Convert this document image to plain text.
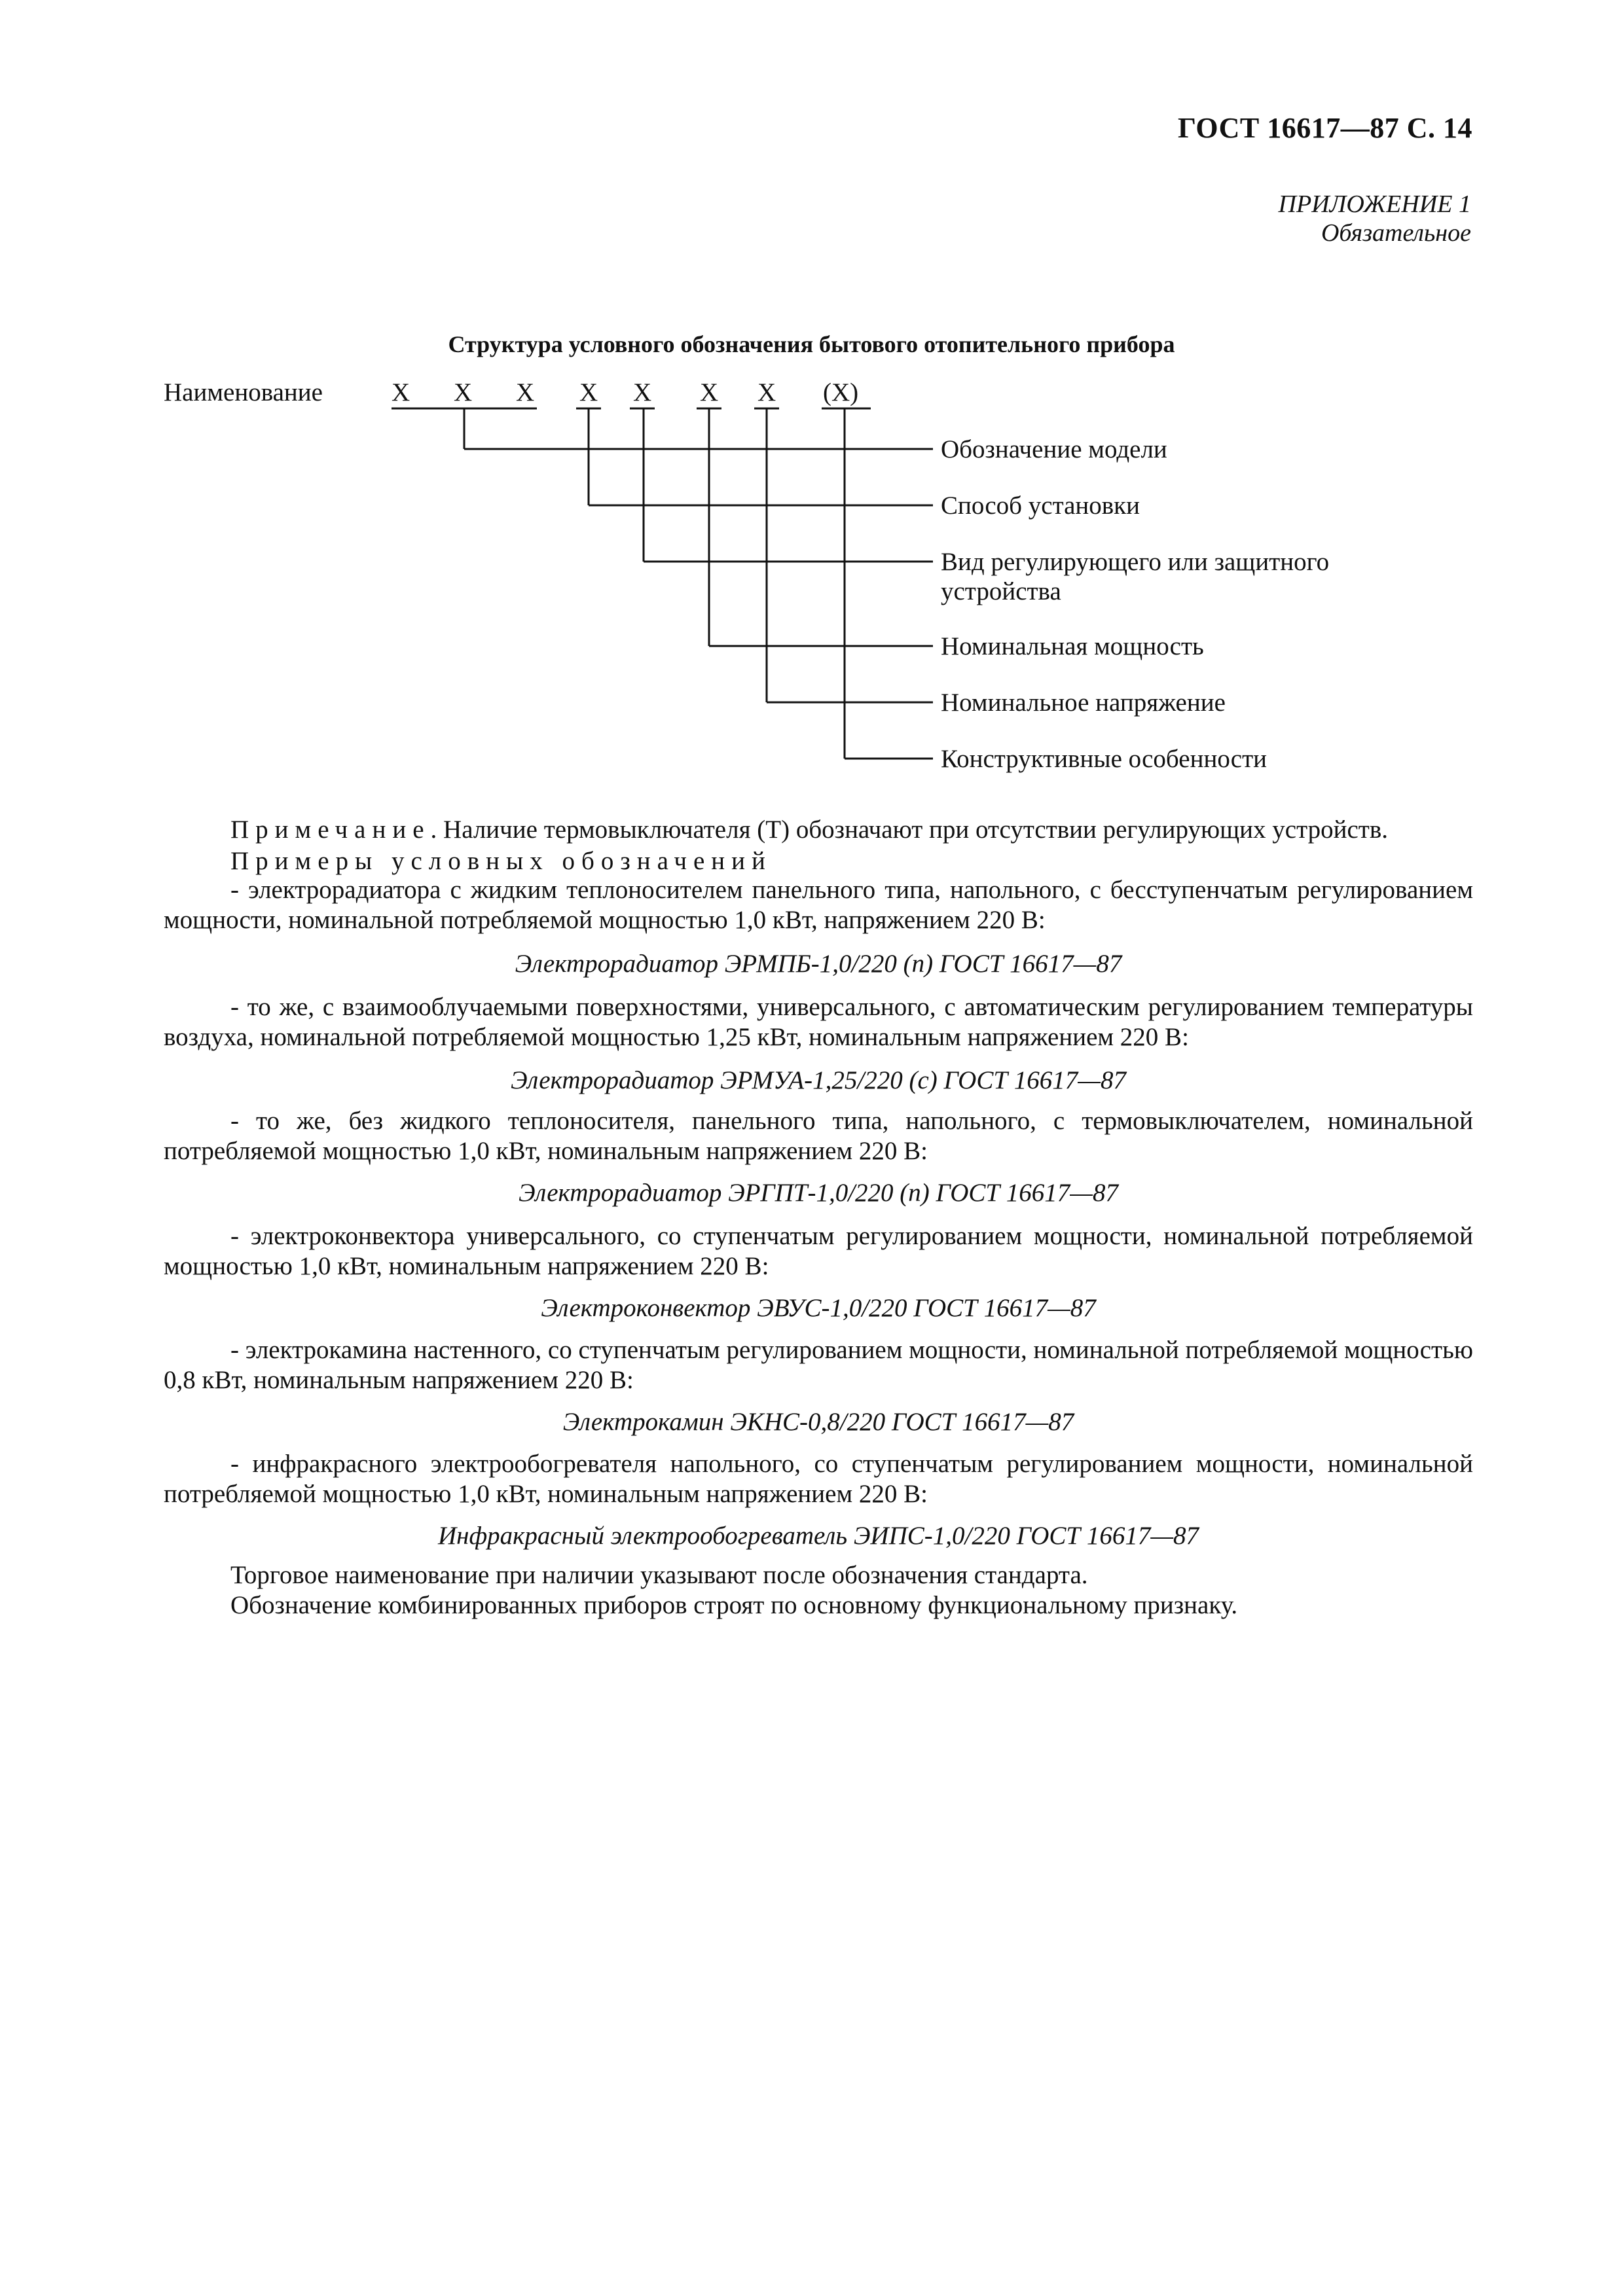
ГОСТ 16617—87 С. 14
ПРИЛОЖЕНИЕ 1
Обязательное
Структура условного обозначения бытового отопительного прибора
Наименование	X X X X X X X (X)
Обозначение модели
Способ установки
Вид регулирующего или защитного
устройства
Номинальная мощность
Номинальное напряжение
Конструктивные особенности
Примечание. Наличие термовыключателя (Т) обозначают при отсутствии регулирующих устройств.
Примеры условных обозначений
- электрорадиатора с жидким теплоносителем панельного типа, напольного, с бесступенчатым регулированием мощности, номинальной потребляемой мощностью 1,0 кВт, напряжением 220 В:
Электрорадиатор ЭРМПБ-1,0/220 (п) ГОСТ 16617—87
- то же, с взаимооблучаемыми поверхностями, универсального, с автоматическим регулированием температуры воздуха, номинальной потребляемой мощностью 1,25 кВт, номинальным напряжением 220 В:
Электрорадиатор ЭРМУА-1,25/220 (с) ГОСТ 16617—87
- то же, без жидкого теплоносителя, панельного типа, напольного, с термовыключателем, номинальной потребляемой мощностью 1,0 кВт, номинальным напряжением 220 В:
Электрорадиатор ЭРГПТ-1,0/220 (п) ГОСТ 16617—87
- электроконвектора универсального, со ступенчатым регулированием мощности, номинальной потребляемой мощностью 1,0 кВт, номинальным напряжением 220 В:
Электроконвектор ЭВУС-1,0/220 ГОСТ 16617—87
- электрокамина настенного, со ступенчатым регулированием мощности, номинальной потребляемой мощностью 0,8 кВт, номинальным напряжением 220 В:
Электрокамин ЭКНС-0,8/220 ГОСТ 16617—87
- инфракрасного электрообогревателя напольного, со ступенчатым регулированием мощности, номинальной потребляемой мощностью 1,0 кВт, номинальным напряжением 220 В:
Инфракрасный электрообогреватель ЭИПС-1,0/220 ГОСТ 16617—87
Торговое наименование при наличии указывают после обозначения стандарта.
Обозначение комбинированных приборов строят по основному функциональному признаку.
